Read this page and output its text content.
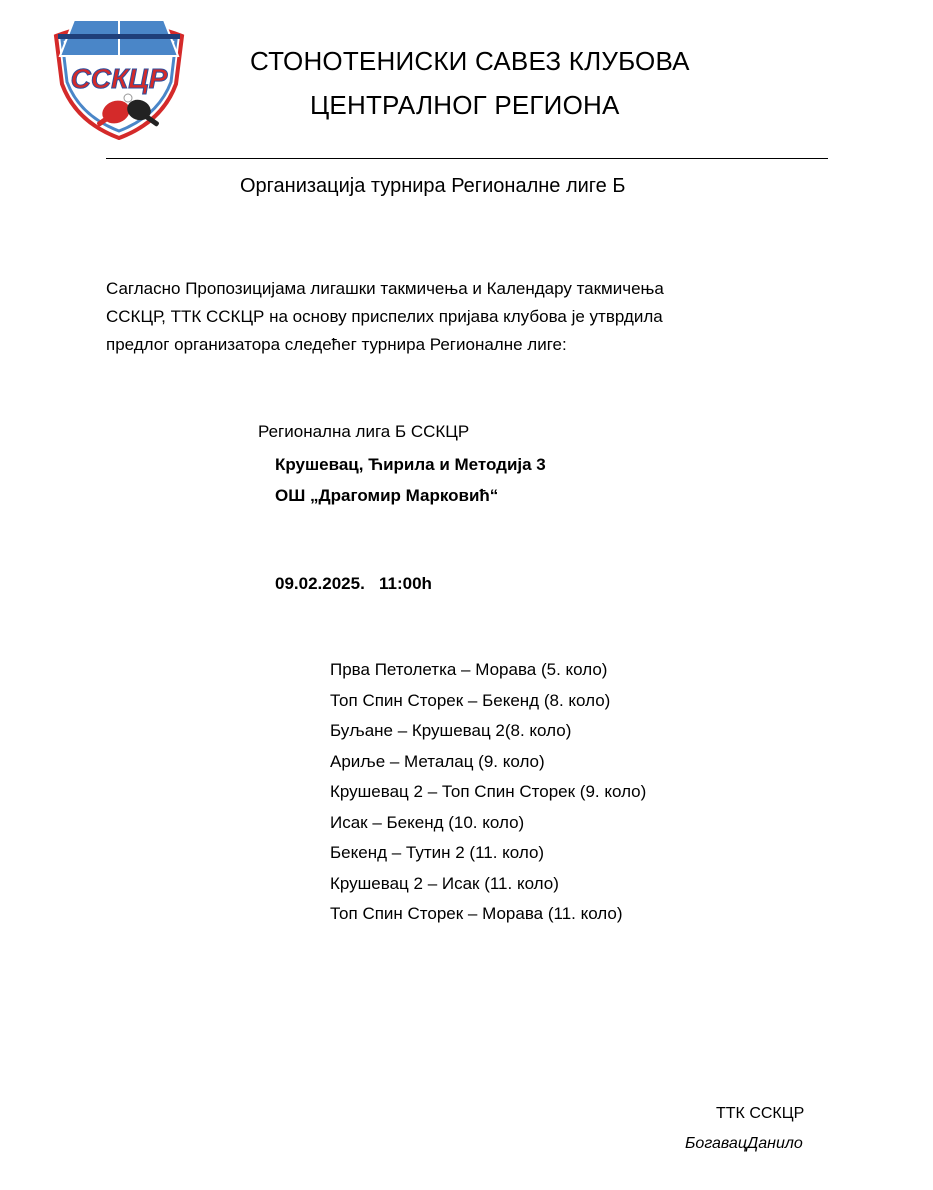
ССКЦР
СТОНОТЕНИСКИ САВЕЗ КЛУБОВА
ЦЕНТРАЛНОГ РЕГИОНА
Организација турнира Регионалне лиге Б
Сагласно Пропозицијама лигашки такмичења и Календару такмичења
ССКЦР, ТТК ССКЦР на основу приспелих пријава клубова је утврдила
предлог организатора следећег турнира Регионалне лиге:
Регионална лига Б ССКЦР
Крушевац, Ћирила и Методија 3
ОШ „Драгомир Марковић“
09.02.2025.   11:00h
Прва Петолетка – Морава (5. коло)
Топ Спин Сторек – Бекенд (8. коло)
Буљане – Крушевац 2(8. коло)
Ариље – Металац (9. коло)
Крушевац 2 – Топ Спин Сторек (9. коло)
Исак – Бекенд (10. коло)
Бекенд – Тутин 2 (11. коло)
Крушевац 2 – Исак (11. коло)
Топ Спин Сторек – Морава (11. коло)
ТТК ССКЦР
БогавацДанило
